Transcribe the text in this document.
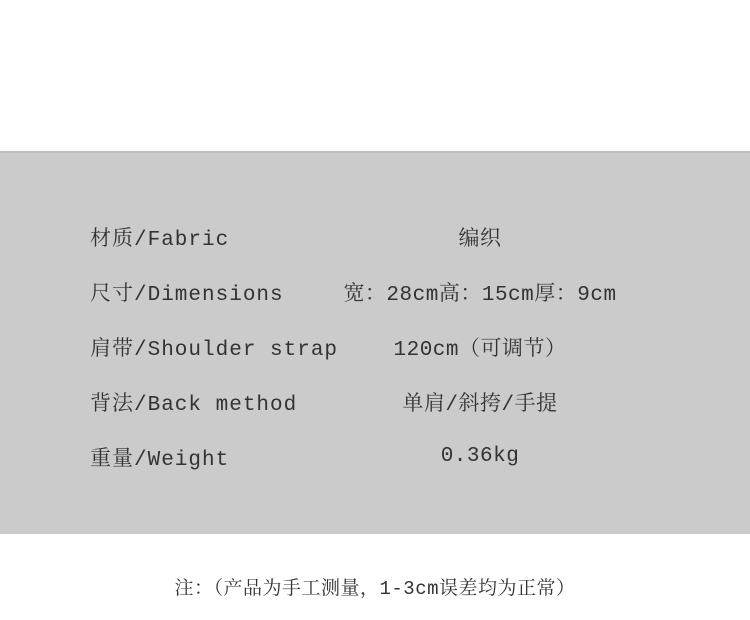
材质/Fabric	编织
尺寸/Dimensions	宽：28cm高：15cm厚：9cm
肩带/Shoulder strap	120cm（可调节）
背法/Back method	单肩/斜挎/手提
重量/Weight	0.36kg
注：（产品为手工测量，1-3cm误差均为正常）
